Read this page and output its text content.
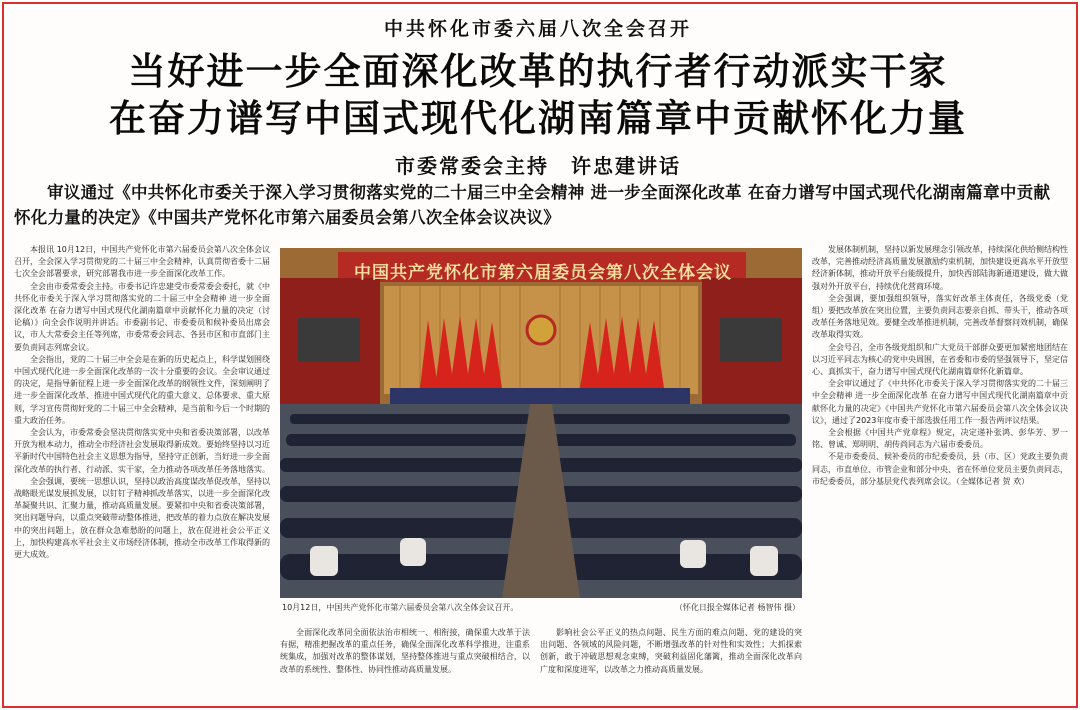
中共怀化市委六届八次全会召开
当好进一步全面深化改革的执行者行动派实干家
在奋力谱写中国式现代化湖南篇章中贡献怀化力量
市委常委会主持　许忠建讲话
审议通过《中共怀化市委关于深入学习贯彻落实党的二十届三中全会精神 进一步全面深化改革 在奋力谱写中国式现代化湖南篇章中贡献怀化力量的决定》《中国共产党怀化市第六届委员会第八次全体会议决议》

本报讯 10月12日，中国共产党怀化市第六届委员会第八次全体会议召开，全会深入学习贯彻党的二十届三中全会精神，认真贯彻省委十二届七次全会部署要求，研究部署我市进一步全面深化改革工作。

全会由市委常委会主持。市委书记许忠建受市委常委会委托，就《中共怀化市委关于深入学习贯彻落实党的二十届三中全会精神 进一步全面深化改革 在奋力谱写中国式现代化湖南篇章中贡献怀化力量的决定（讨论稿）》向全会作说明并讲话。市委副书记、市委委员和候补委员出席会议，市人大常委会主任等列席，市委常委会同志、各县市区和市直部门主要负责同志列席会议。

全会指出，党的二十届三中全会是在新的历史起点上，科学谋划围绕中国式现代化进一步全面深化改革的一次十分重要的会议。全会审议通过的决定，是指导新征程上进一步全面深化改革的纲领性文件，深刻阐明了进一步全面深化改革、推进中国式现代化的重大意义、总体要求、重大原则，学习宣传贯彻好党的二十届三中全会精神，是当前和今后一个时期的重大政治任务。

全会认为，市委常委会坚决贯彻落实党中央和省委决策部署，以改革开放为根本动力，推动全市经济社会发展取得新成效。要始终坚持以习近平新时代中国特色社会主义思想为指导，坚持守正创新，当好进一步全面深化改革的执行者、行动派、实干家，全力推动各项改革任务落地落实。

全会强调，要统一思想认识，坚持以政治高度谋改革促改革，坚持以战略眼光谋发展抓发展，以钉钉子精神抓改革落实，以进一步全面深化改革凝聚共识、汇聚力量，推动高质量发展。要紧扣中央和省委决策部署，突出问题导向，以重点突破带动整体推进，把改革的着力点放在解决发展中的突出问题上，放在群众急难愁盼的问题上，放在促进社会公平正义上，加快构建高水平社会主义市场经济体制，推动全市改革工作取得新的更大成效。

中国共产党怀化市第六届委员会第八次全体会议
10月12日，中国共产党怀化市第六届委员会第八次全体会议召开。	（怀化日报全媒体记者 杨智伟 摄）

全面深化改革同全面依法治市相统一、相衔接，确保重大改革于法有据，精准把握改革的重点任务，确保全面深化改革科学推进，注重系统集成，加强对改革的整体谋划，坚持整体推进与重点突破相结合，以改革的系统性、整体性、协同性推动高质量发展。

影响社会公平正义的热点问题、民生方面的难点问题、党的建设的突出问题、各领域的风险问题，不断增强改革的针对性和实效性；大抓探索创新，敢于冲破思想观念束缚，突破利益固化藩篱，推动全面深化改革向广度和深度进军，以改革之力推动高质量发展。

发展体制机制，坚持以新发展理念引领改革，持续深化供给侧结构性改革，完善推动经济高质量发展激励约束机制，加快建设更高水平开放型经济新体制，推动开放平台能级提升，加快西部陆海新通道建设，做大做强对外开放平台，持续优化营商环境。

全会强调，要加强组织领导，落实好改革主体责任，各级党委（党组）要把改革放在突出位置，主要负责同志要亲自抓、带头干，推动各项改革任务落地见效。要健全改革推进机制，完善改革督察问效机制，确保改革取得实效。

全会号召，全市各级党组织和广大党员干部群众要更加紧密地团结在以习近平同志为核心的党中央周围，在省委和市委的坚强领导下，坚定信心、真抓实干，奋力谱写中国式现代化湖南篇章怀化新篇章。

全会审议通过了《中共怀化市委关于深入学习贯彻落实党的二十届三中全会精神 进一步全面深化改革 在奋力谱写中国式现代化湖南篇章中贡献怀化力量的决定》《中国共产党怀化市第六届委员会第八次全体会议决议》，通过了2023年度市委干部选拔任用工作一报告两评议结果。

全会根据《中国共产党章程》规定，决定递补张鸿、彭华芳、罗一铭、曾诚、郑明明、胡传尚同志为六届市委委员。

不是市委委员、候补委员的市纪委委员，县（市、区）党政主要负责同志，市直单位、市管企业和部分中央、省在怀单位党员主要负责同志，市纪委委员，部分基层党代表列席会议。（全媒体记者 贺 欢）
